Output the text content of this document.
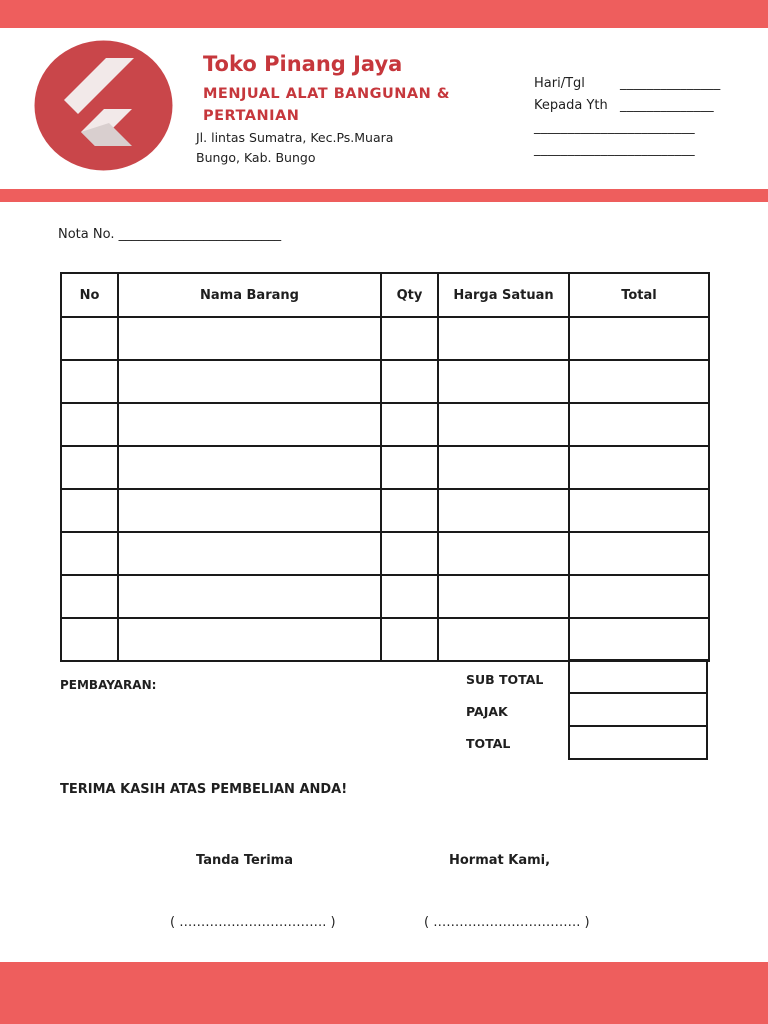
Toko Pinang Jaya
MENJUAL ALAT BANGUNAN & PERTANIAN
Jl. lintas Sumatra, Kec.Ps.Muara Bungo, Kab. Bungo
Hari/Tgl	_______________
Kepada Yth ______________
________________________
________________________
Nota No. _________________________
No	Nama Barang	Qty	Harga Satuan	Total

PEMBAYARAN:	SUB TOTAL
PAJAK
TOTAL

TERIMA KASIH ATAS PEMBELIAN ANDA!
Tanda Terima	Hormat Kami,
( ……………………………. )	( ……………………………. )
